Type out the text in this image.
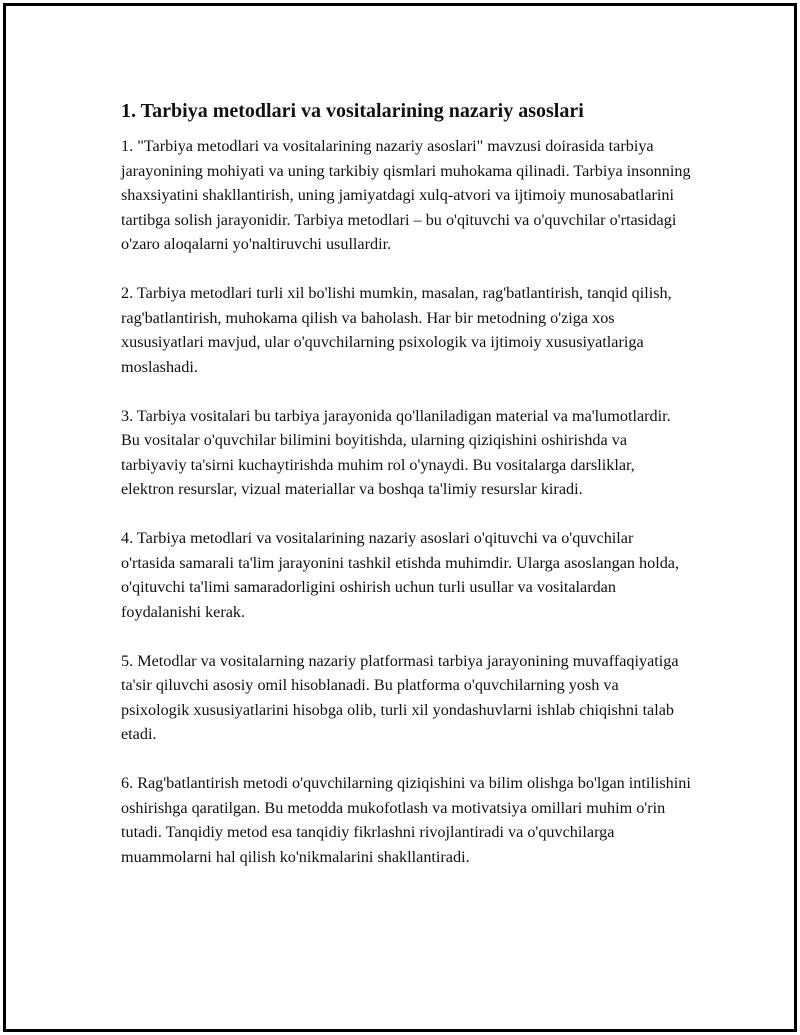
1. Tarbiya metodlari va vositalarining nazariy asoslari

1. "Tarbiya metodlari va vositalarining nazariy asoslari" mavzusi doirasida tarbiya jarayonining mohiyati va uning tarkibiy qismlari muhokama qilinadi. Tarbiya insonning shaxsiyatini shakllantirish, uning jamiyatdagi xulq-atvori va ijtimoiy munosabatlarini tartibga solish jarayonidir. Tarbiya metodlari – bu o'qituvchi va o'quvchilar o'rtasidagi o'zaro aloqalarni yo'naltiruvchi usullardir.

2. Tarbiya metodlari turli xil bo'lishi mumkin, masalan, rag'batlantirish, tanqid qilish, rag'batlantirish, muhokama qilish va baholash. Har bir metodning o'ziga xos xususiyatlari mavjud, ular o'quvchilarning psixologik va ijtimoiy xususiyatlariga moslashadi.

3. Tarbiya vositalari bu tarbiya jarayonida qo'llaniladigan material va ma'lumotlardir. Bu vositalar o'quvchilar bilimini boyitishda, ularning qiziqishini oshirishda va tarbiyaviy ta'sirni kuchaytirishda muhim rol o'ynaydi. Bu vositalarga darsliklar, elektron resurslar, vizual materiallar va boshqa ta'limiy resurslar kiradi.

4. Tarbiya metodlari va vositalarining nazariy asoslari o'qituvchi va o'quvchilar o'rtasida samarali ta'lim jarayonini tashkil etishda muhimdir. Ularga asoslangan holda, o'qituvchi ta'limi samaradorligini oshirish uchun turli usullar va vositalardan foydalanishi kerak.

5. Metodlar va vositalarning nazariy platformasi tarbiya jarayonining muvaffaqiyatiga ta'sir qiluvchi asosiy omil hisoblanadi. Bu platforma o'quvchilarning yosh va psixologik xususiyatlarini hisobga olib, turli xil yondashuvlarni ishlab chiqishni talab etadi.

6. Rag'batlantirish metodi o'quvchilarning qiziqishini va bilim olishga bo'lgan intilishini oshirishga qaratilgan. Bu metodda mukofotlash va motivatsiya omillari muhim o'rin tutadi. Tanqidiy metod esa tanqidiy fikrlashni rivojlantiradi va o'quvchilarga muammolarni hal qilish ko'nikmalarini shakllantiradi.
